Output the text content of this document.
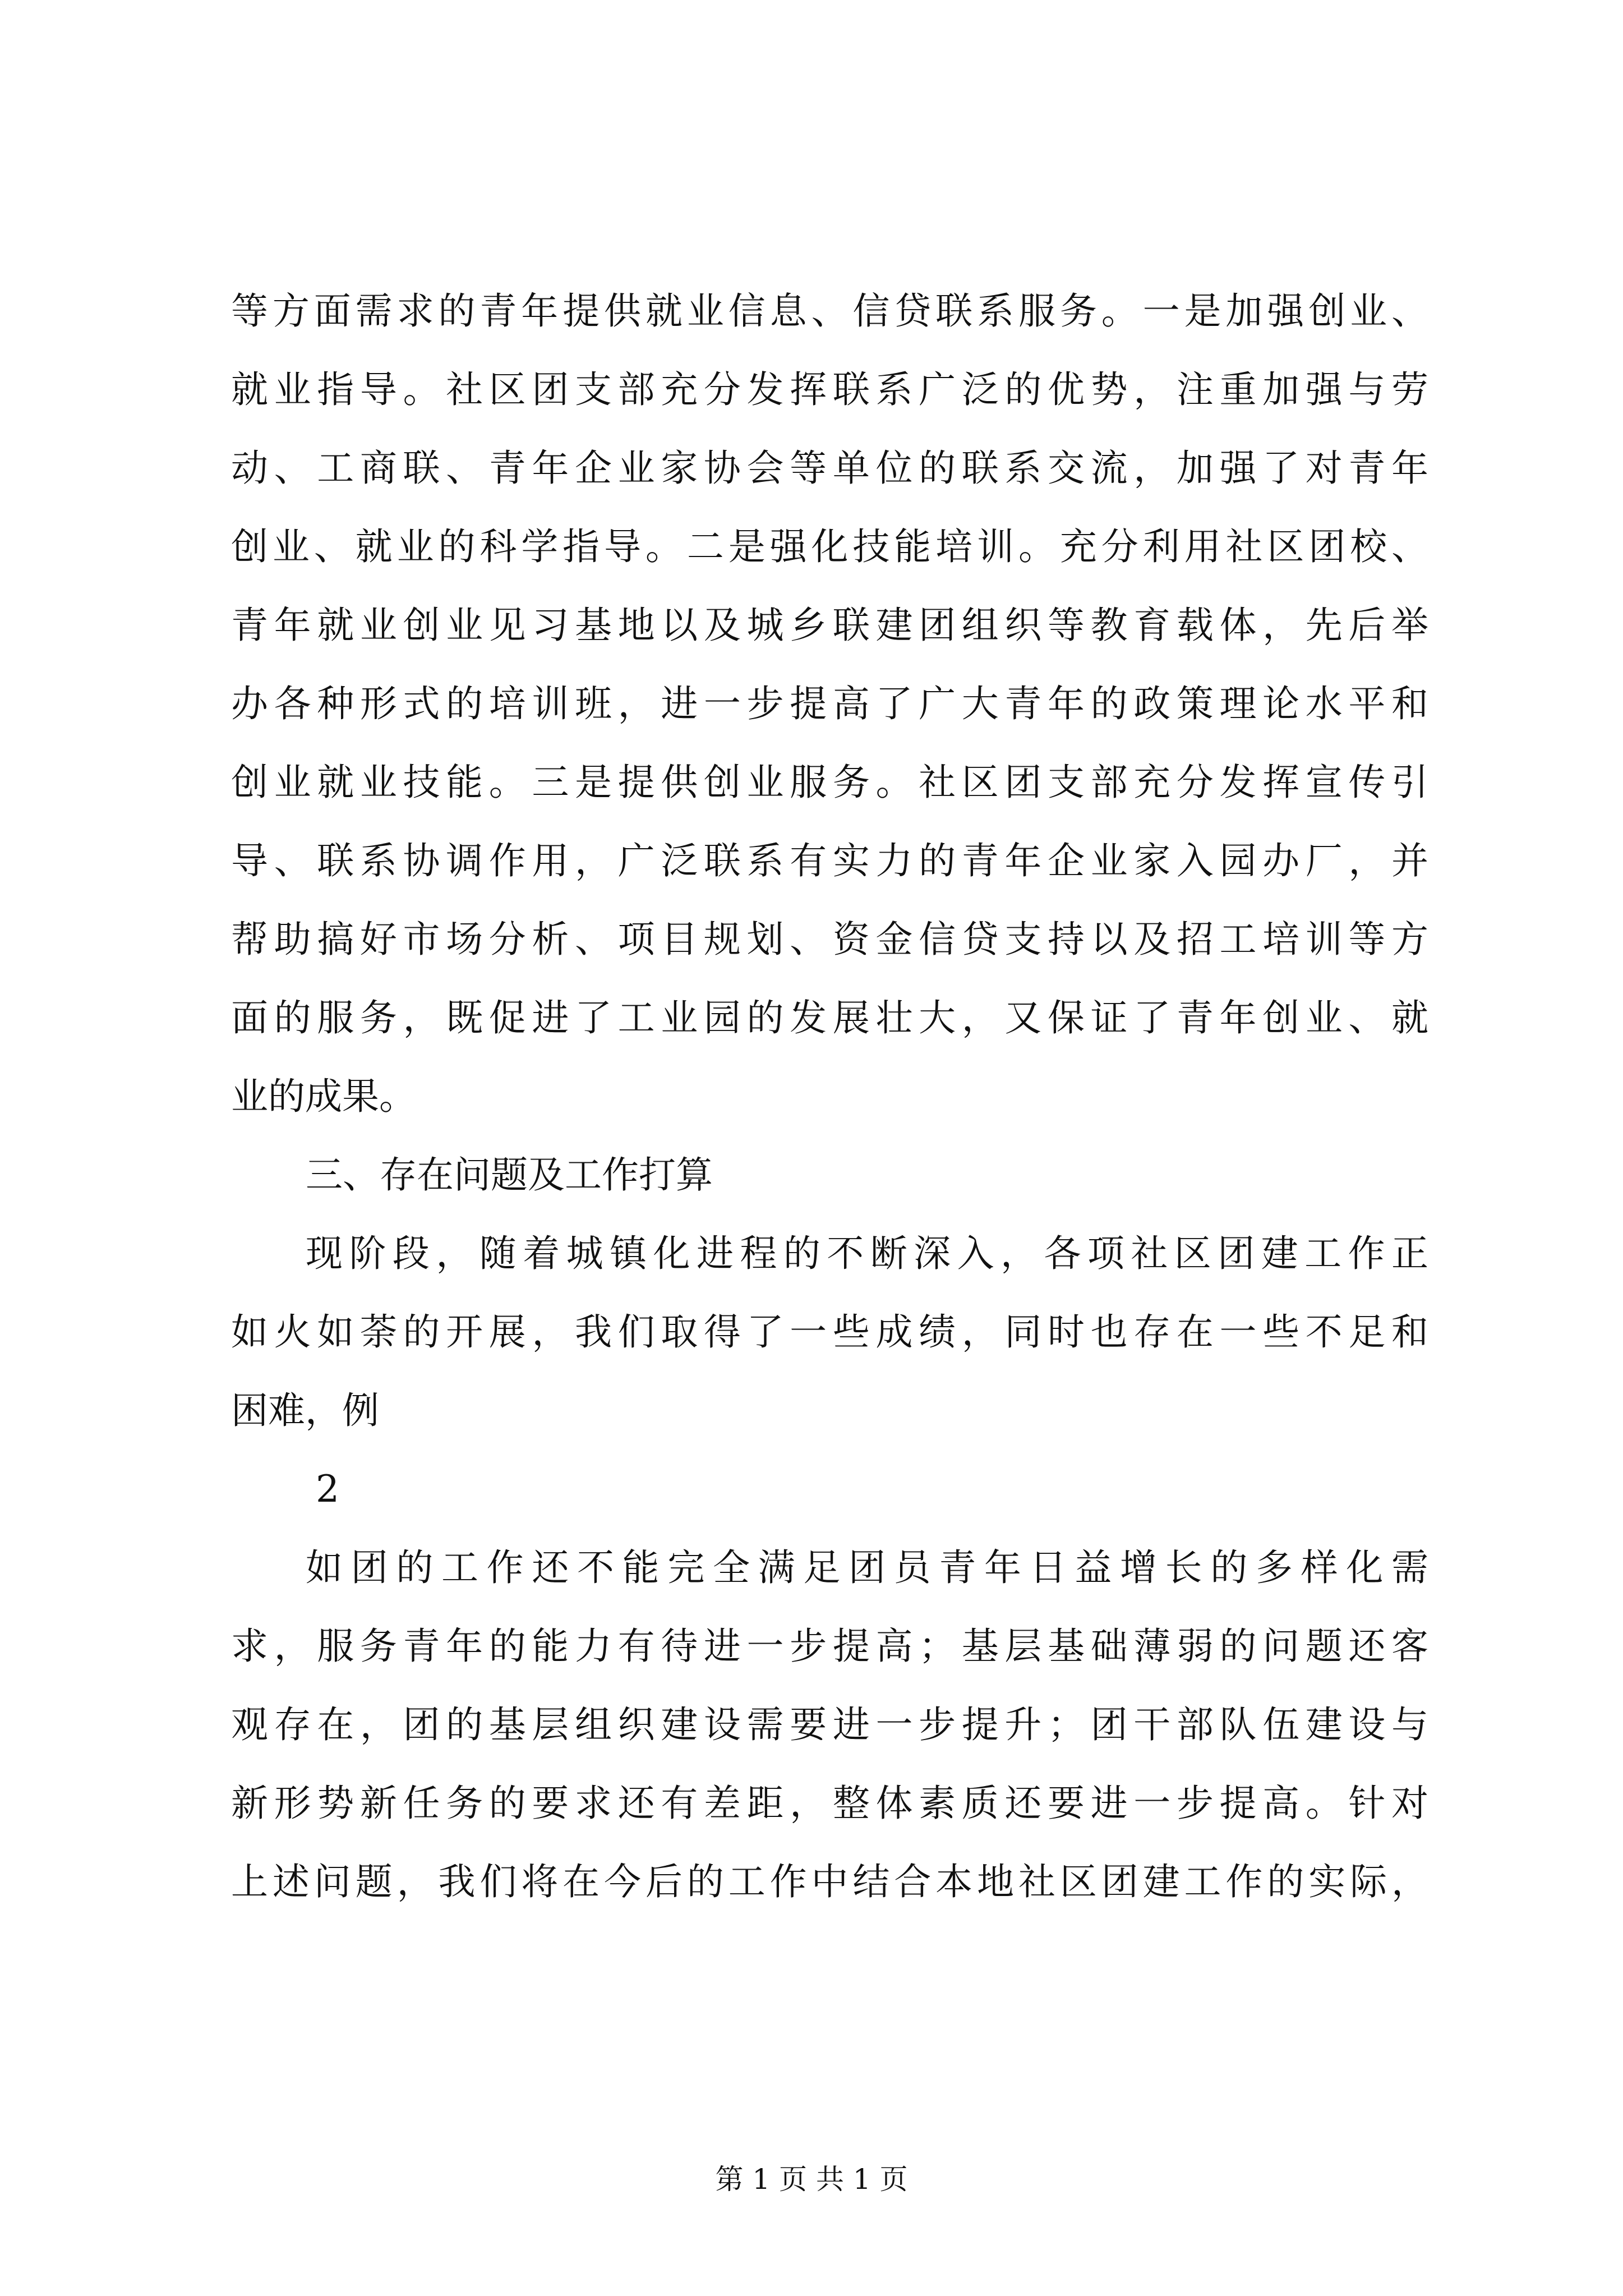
等方面需求的青年提供就业信息、信贷联系服务。一是加强创业、
就业指导。社区团支部充分发挥联系广泛的优势，注重加强与劳
动、工商联、青年企业家协会等单位的联系交流，加强了对青年
创业、就业的科学指导。二是强化技能培训。充分利用社区团校、
青年就业创业见习基地以及城乡联建团组织等教育载体，先后举
办各种形式的培训班，进一步提高了广大青年的政策理论水平和
创业就业技能。三是提供创业服务。社区团支部充分发挥宣传引
导、联系协调作用，广泛联系有实力的青年企业家入园办厂，并
帮助搞好市场分析、项目规划、资金信贷支持以及招工培训等方
面的服务，既促进了工业园的发展壮大，又保证了青年创业、就
业的成果。
三、存在问题及工作打算
现阶段，随着城镇化进程的不断深入，各项社区团建工作正
如火如荼的开展，我们取得了一些成绩，同时也存在一些不足和
困难，例
2
如团的工作还不能完全满足团员青年日益增长的多样化需
求，服务青年的能力有待进一步提高；基层基础薄弱的问题还客
观存在，团的基层组织建设需要进一步提升；团干部队伍建设与
新形势新任务的要求还有差距，整体素质还要进一步提高。针对
上述问题，我们将在今后的工作中结合本地社区团建工作的实际，
第 1 页 共 1 页
